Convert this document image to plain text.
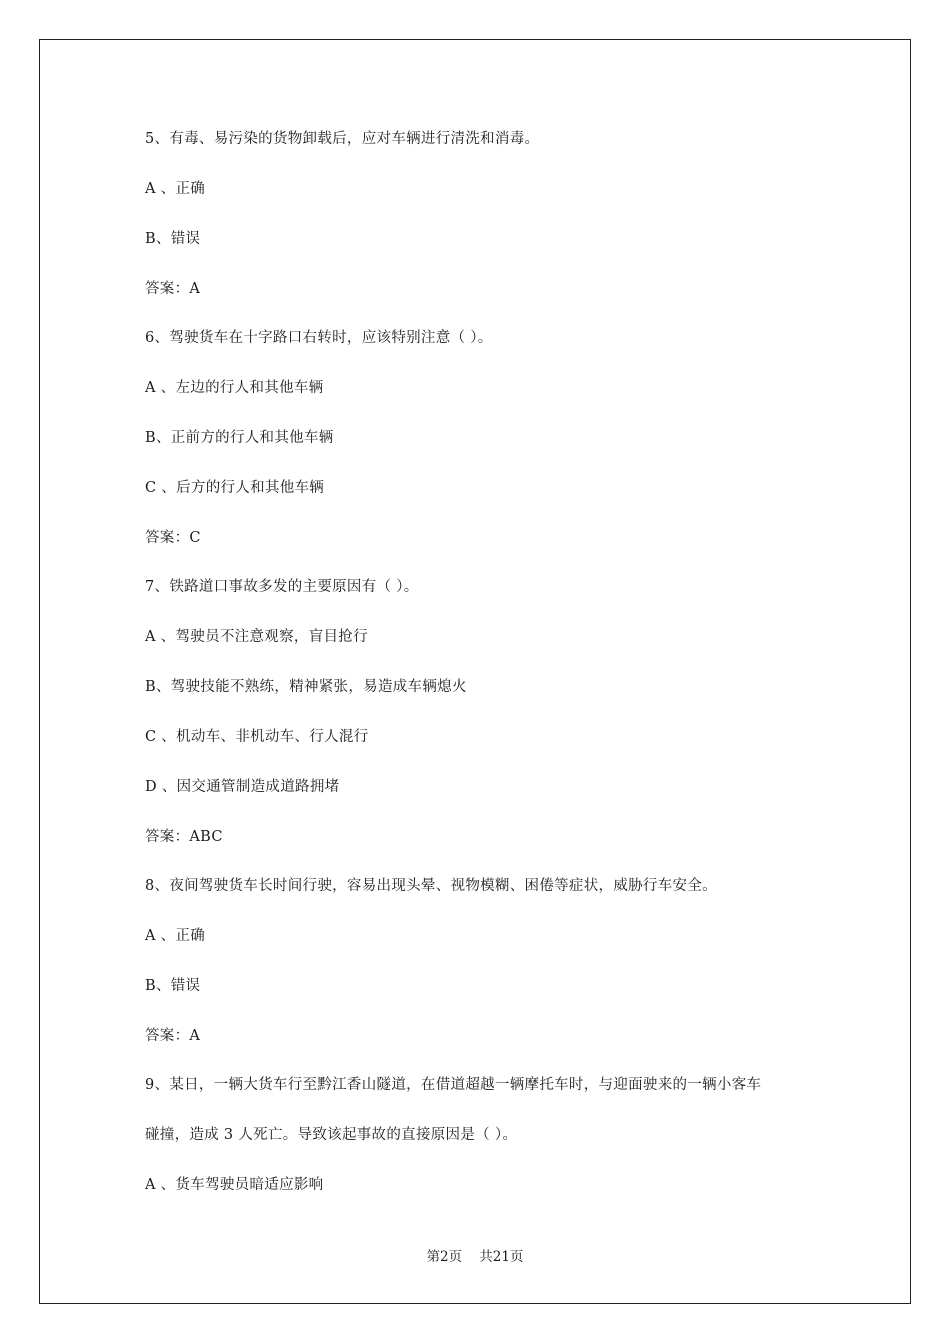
5、有毒、易污染的货物卸载后，应对车辆进行清洗和消毒。
A 、正确
B、错误
答案：A
6、驾驶货车在十字路口右转时，应该特别注意（ ）。
A 、左边的行人和其他车辆
B、正前方的行人和其他车辆
C 、后方的行人和其他车辆
答案：C
7、铁路道口事故多发的主要原因有（ ）。
A 、驾驶员不注意观察，盲目抢行
B、驾驶技能不熟练，精神紧张，易造成车辆熄火
C 、机动车、非机动车、行人混行
D 、因交通管制造成道路拥堵
答案：ABC
8、夜间驾驶货车长时间行驶，容易出现头晕、视物模糊、困倦等症状，威胁行车安全。
A 、正确
B、错误
答案：A
9、某日，一辆大货车行至黔江香山隧道，在借道超越一辆摩托车时，与迎面驶来的一辆小客车
碰撞，造成 3 人死亡。导致该起事故的直接原因是（ ）。
A 、货车驾驶员暗适应影响
第2页    共21页
